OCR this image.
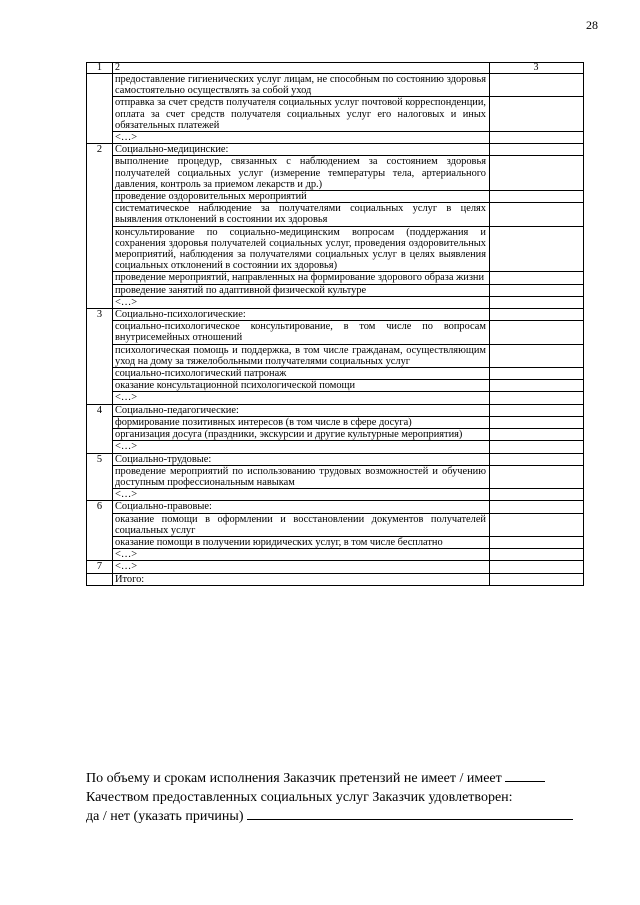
28
1	2	3
	предоставление гигиенических услуг лицам, не способным по состоянию здоровья самостоятельно осуществлять за собой уход	
	отправка за счет средств получателя социальных услуг почтовой корреспонденции, оплата за счет средств получателя социальных услуг его налоговых и иных обязательных платежей	
	<…>	
2	Социально-медицинские:	
	выполнение процедур, связанных с наблюдением за состоянием здоровья получателей социальных услуг (измерение температуры тела, артериального давления, контроль за приемом лекарств и др.)	
	проведение оздоровительных мероприятий	
	систематическое наблюдение за получателями социальных услуг в целях выявления отклонений в состоянии их здоровья	
	консультирование по социально-медицинским вопросам (поддержания и сохранения здоровья получателей социальных услуг, проведения оздоровительных мероприятий, наблюдения за получателями социальных услуг в целях выявления социальных отклонений в состоянии их здоровья)	
	проведение мероприятий, направленных на формирование здорового образа жизни	
	проведение занятий по адаптивной физической культуре	
	<…>	
3	Социально-психологические:	
	социально-психологическое консультирование, в том числе по вопросам внутрисемейных отношений	
	психологическая помощь и поддержка, в том числе гражданам, осуществляющим уход на дому за тяжелобольными получателями социальных услуг	
	социально-психологический патронаж	
	оказание консультационной психологической помощи	
	<…>	
4	Социально-педагогические:	
	формирование позитивных интересов (в том числе в сфере досуга)	
	организация досуга (праздники, экскурсии и другие культурные мероприятия)	
	<…>	
5	Социально-трудовые:	
	проведение мероприятий по использованию трудовых возможностей и обучению доступным профессиональным навыкам	
	<…>	
6	Социально-правовые:	
	оказание помощи в оформлении и восстановлении документов получателей социальных услуг	
	оказание помощи в получении юридических услуг, в том числе бесплатно	
	<…>	
7	<…>	
	Итого:	
По объему и срокам исполнения Заказчик претензий не имеет / имеет
Качеством предоставленных социальных услуг Заказчик удовлетворен:
да / нет (указать причины)
